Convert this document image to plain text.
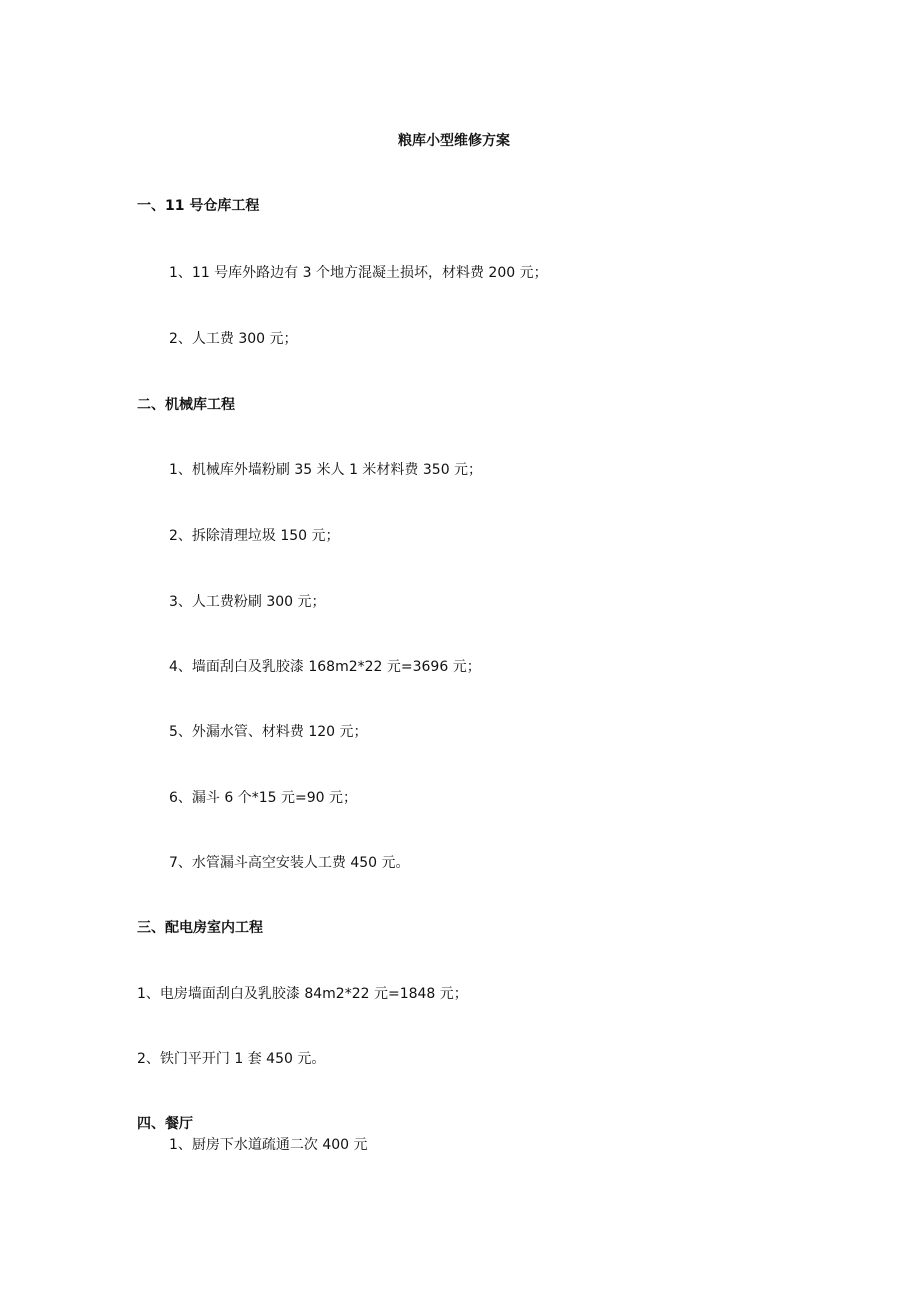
粮库小型维修方案
一、11 号仓库工程
1、11 号库外路边有 3 个地方混凝土损坏，材料费 200 元；
2、人工费 300 元；
二、机械库工程
1、机械库外墙粉刷 35 米人 1 米材料费 350 元；
2、拆除清理垃圾 150 元；
3、人工费粉刷 300 元；
4、墙面刮白及乳胶漆 168m2*22 元=3696 元；
5、外漏水管、材料费 120 元；
6、漏斗 6 个*15 元=90 元；
7、水管漏斗高空安装人工费 450 元。
三、配电房室内工程
1、电房墙面刮白及乳胶漆 84m2*22 元=1848 元；
2、铁门平开门 1 套 450 元。
四、餐厅
1、厨房下水道疏通二次 400 元
